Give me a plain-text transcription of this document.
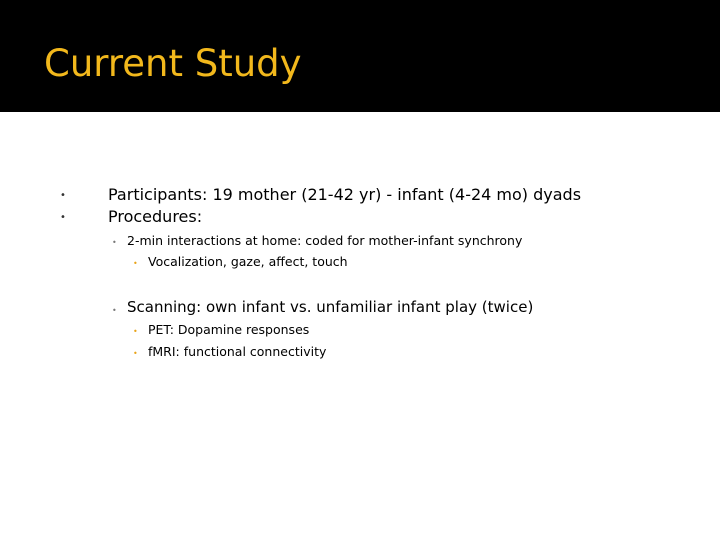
Current Study
•	Participants: 19 mother (21-42 yr) - infant (4-24 mo) dyads
•	Procedures:
• 2-min interactions at home: coded for mother-infant synchrony
• Vocalization, gaze, affect, touch
• Scanning: own infant vs. unfamiliar infant play (twice)
• PET: Dopamine responses
• fMRI: functional connectivity
